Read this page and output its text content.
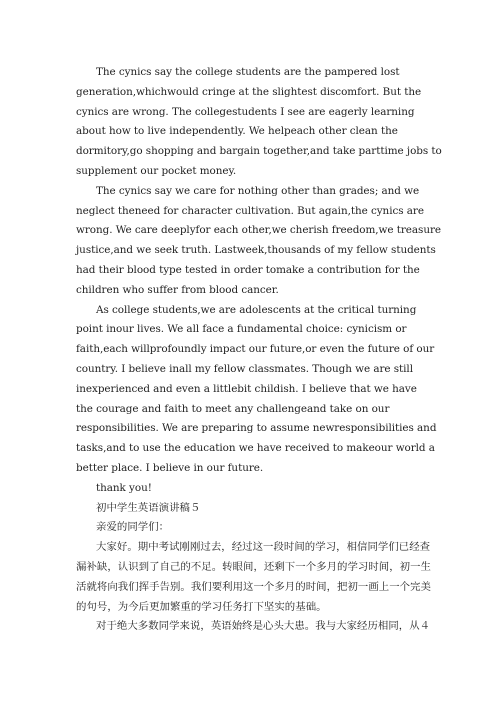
The cynics say the college students are the pampered lost
generation,whichwould cringe at the slightest discomfort. But the
cynics are wrong. The collegestudents I see are eagerly learning
about how to live independently. We helpeach other clean the
dormitory,go shopping and bargain together,and take parttime jobs to
supplement our pocket money.
The cynics say we care for nothing other than grades; and we
neglect theneed for character cultivation. But again,the cynics are
wrong. We care deeplyfor each other,we cherish freedom,we treasure
justice,and we seek truth. Lastweek,thousands of my fellow students
had their blood type tested in order tomake a contribution for the
children who suffer from blood cancer.
As college students,we are adolescents at the critical turning
point inour lives. We all face a fundamental choice: cynicism or
faith,each willprofoundly impact our future,or even the future of our
country. I believe inall my fellow classmates. Though we are still
inexperienced and even a littlebit childish. I believe that we have
the courage and faith to meet any challengeand take on our
responsibilities. We are preparing to assume newresponsibilities and
tasks,and to use the education we have received to makeour world a
better place. I believe in our future.
thank you!
初中学生英语演讲稿５
亲爱的同学们：
大家好。期中考试刚刚过去，经过这一段时间的学习，相信同学们已经查
漏补缺，认识到了自己的不足。转眼间，还剩下一个多月的学习时间，初一生
活就将向我们挥手告别。我们要利用这一个多月的时间，把初一画上一个完美
的句号，为今后更加繁重的学习任务打下坚实的基础。
对于绝大多数同学来说，英语始终是心头大患。我与大家经历相同，从４
